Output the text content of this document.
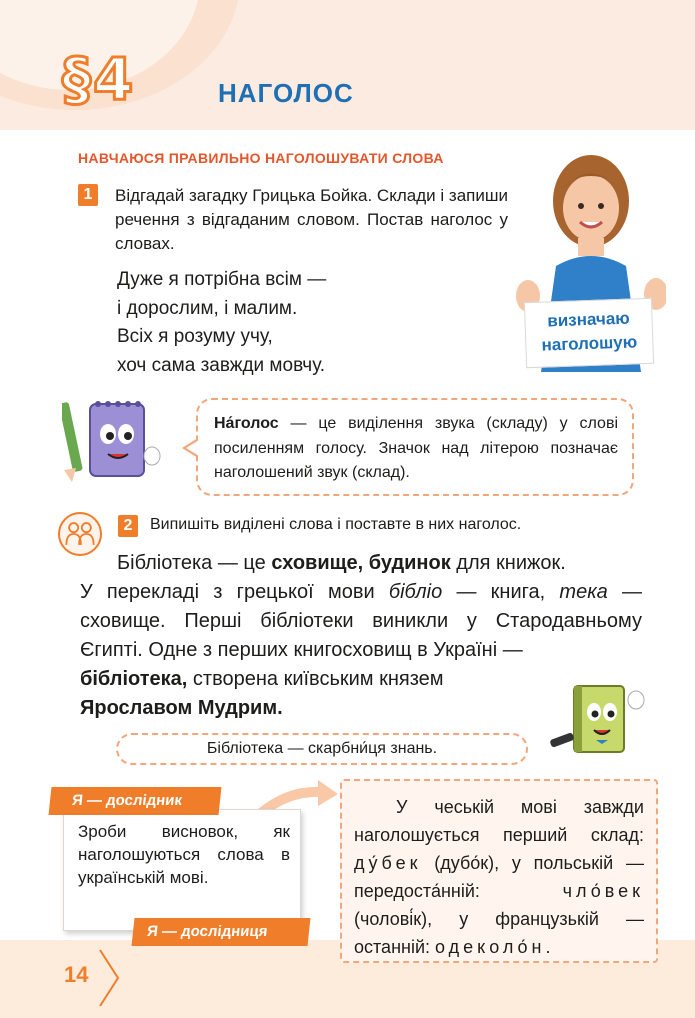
§4	НАГОЛОС
НАВЧАЮСЯ ПРАВИЛЬНО НАГОЛОШУВАТИ СЛОВА
1	Відгадай загадку Грицька Бойка. Склади і запиши речення з відгаданим словом. Постав наголос у словах.
Дуже я потрібна всім —
і дорослим, і малим.
Всіх я розуму учу,
хоч сама завжди мовчу.
визначаю
наголошую
На́голос — це виділення звука (складу) у слові посиленням голосу. Значок над літерою позначає наголошений звук (склад).
2	Випишіть виділені слова і поставте в них наголос.
Бібліотека — це сховище, будинок для книжок.
У перекладі з грецької мови бібліо — книга, тека — сховище. Перші бібліотеки виникли у Стародавньому Єгипті. Одне з перших книгосховищ в Україні —
бібліотека, створена київським князем
Ярославом Мудрим.
Бібліотека — скарбни́ця знань.
14
Зроби висновок, як наголошуються слова в українській мові.
Я — дослідник
Я — дослідниця
У чеській мові завжди наголошується перший склад: ду́бек (дубо́к), у польській — передоста́нній: чло́век (чолові́к), у французькій — останній: одеколо́н.
